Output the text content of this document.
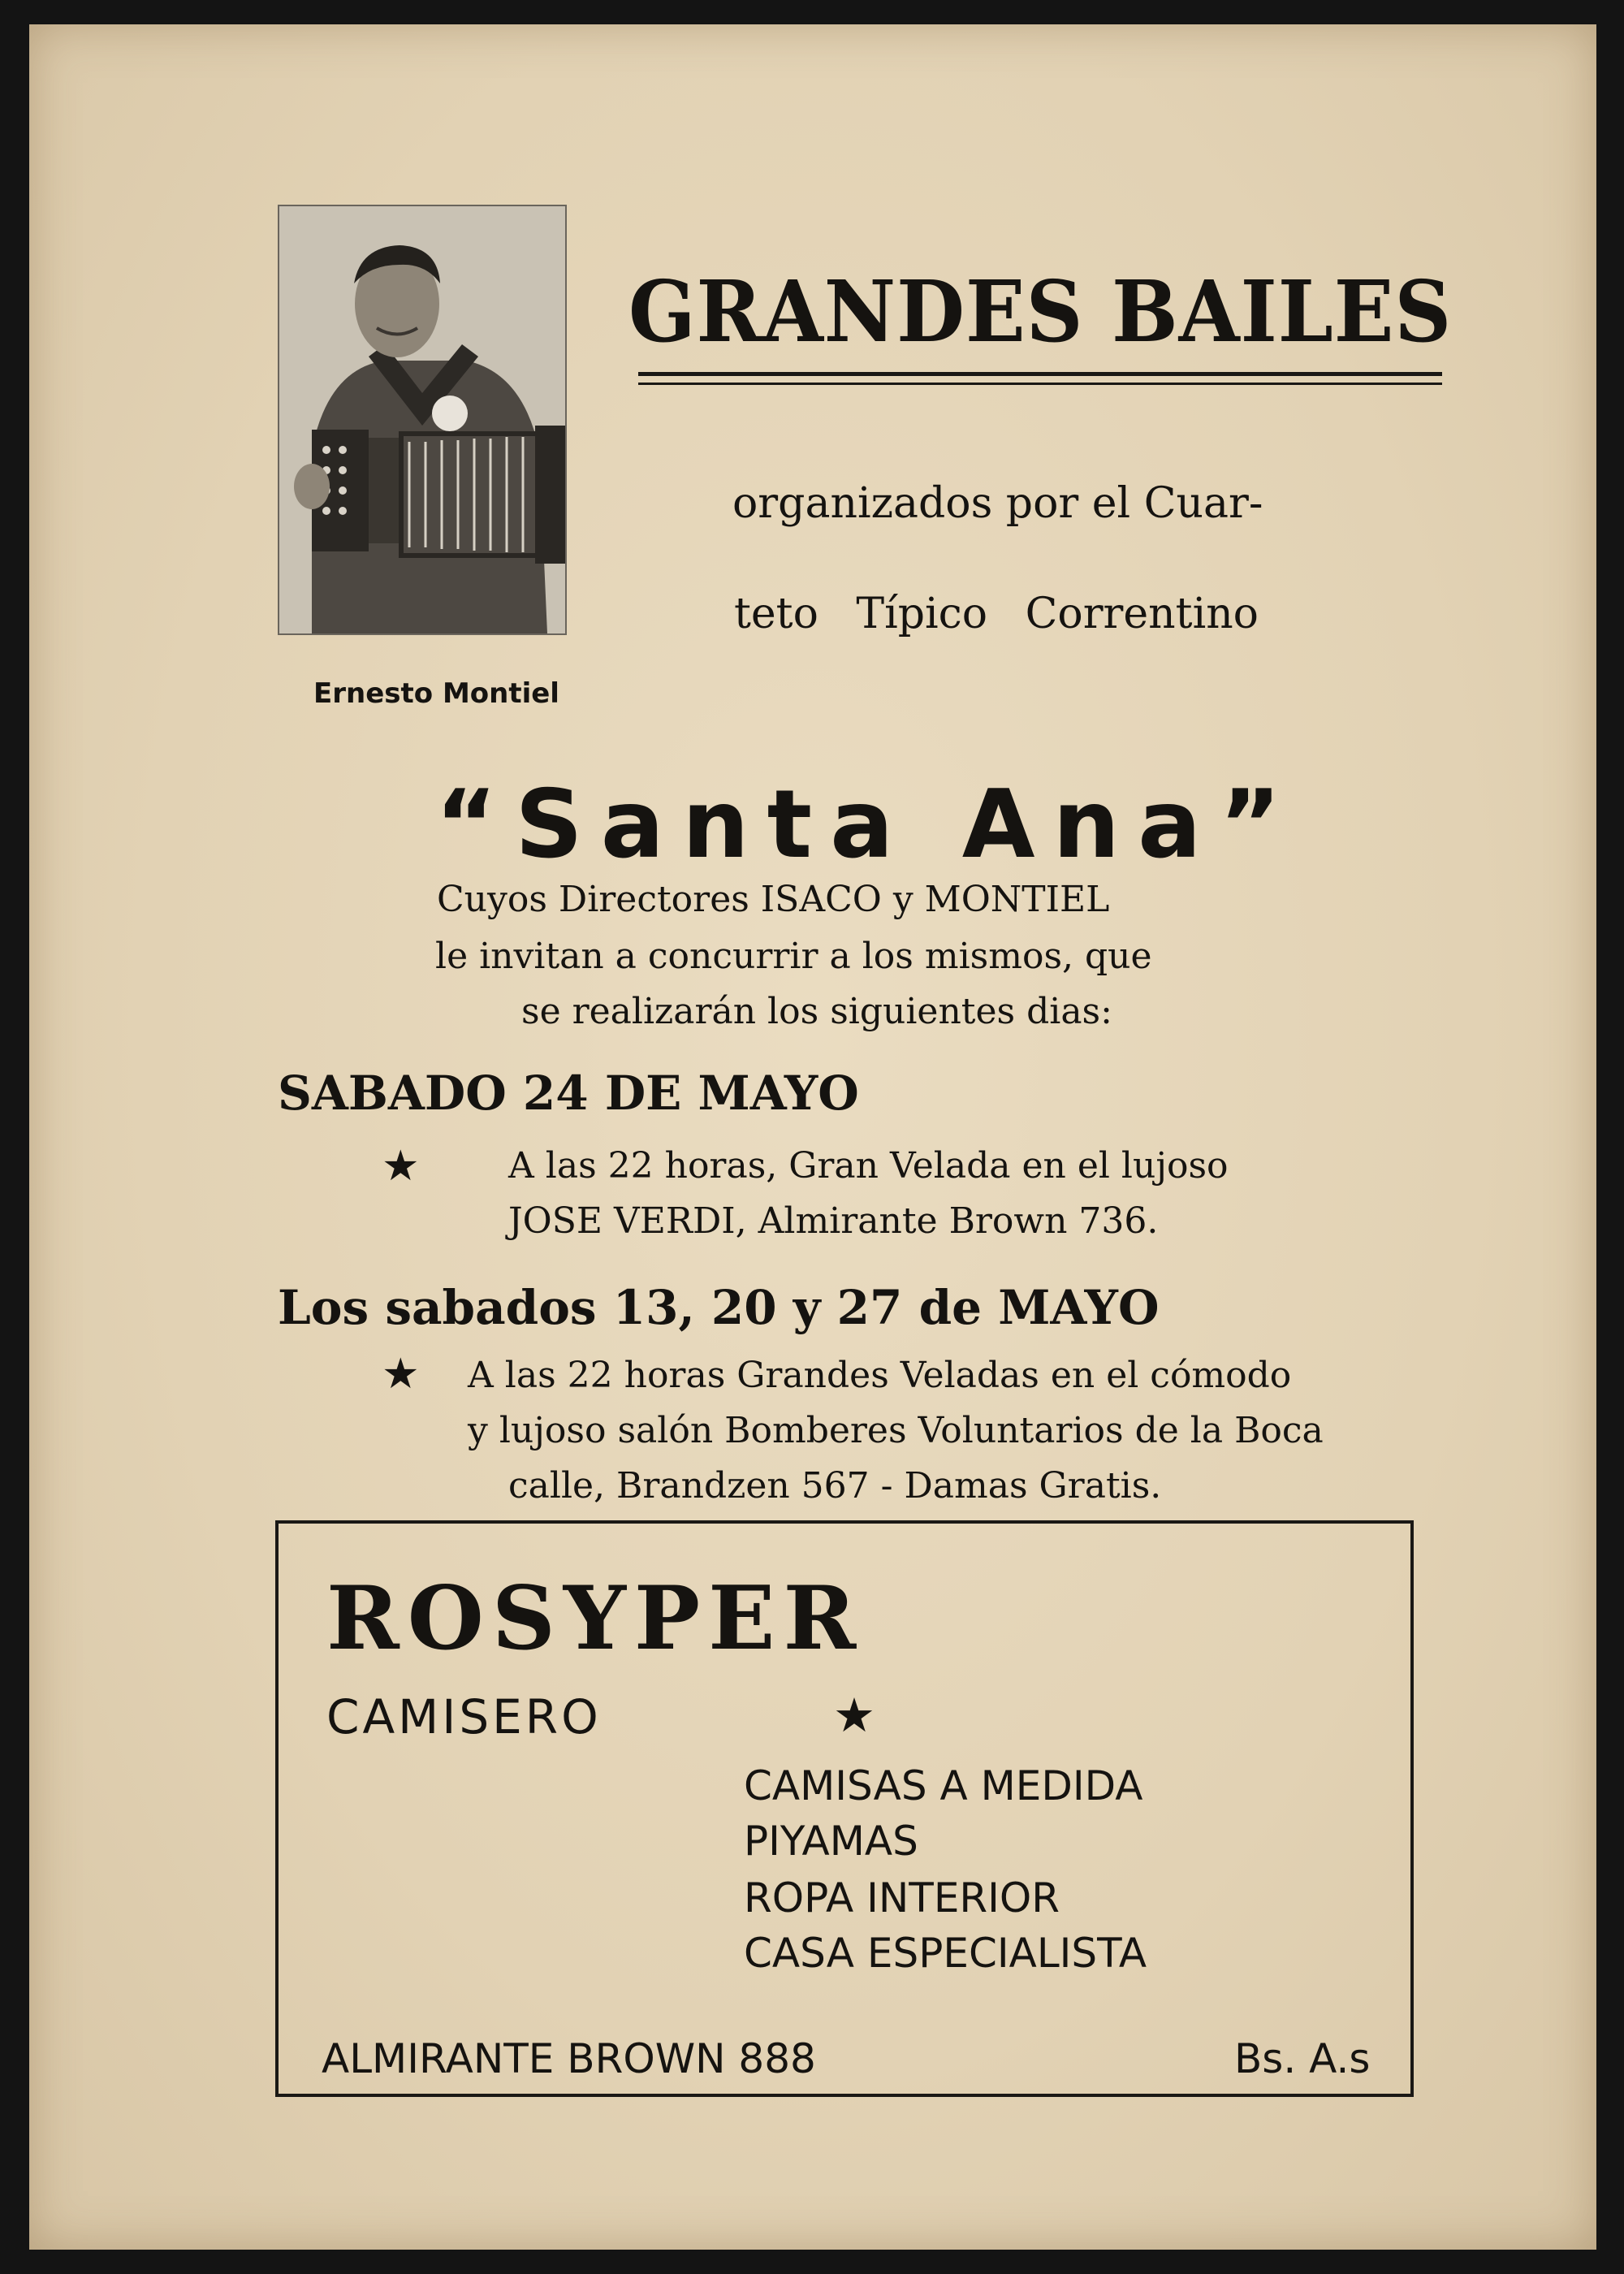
Ernesto Montiel
GRANDES BAILES
organizados por el Cuar-
teto Típico Correntino
“Santa Ana”
Cuyos Directores ISACO y MONTIEL
le invitan a concurrir a los mismos, que
se realizarán los siguientes dias:
SABADO 24 DE MAYO
★ A las 22 horas, Gran Velada en el lujoso
JOSE VERDI, Almirante Brown 736.
Los sabados 13, 20 y 27 de MAYO
★ A las 22 horas Grandes Veladas en el cómodo
y lujoso salón Bomberes Voluntarios de la Boca
calle, Brandzen 567 - Damas Gratis.
ROSYPER
CAMISERO	★
CAMISAS A MEDIDA
PIYAMAS
ROPA INTERIOR
CASA ESPECIALISTA
ALMIRANTE BROWN 888	Bs. A.s
